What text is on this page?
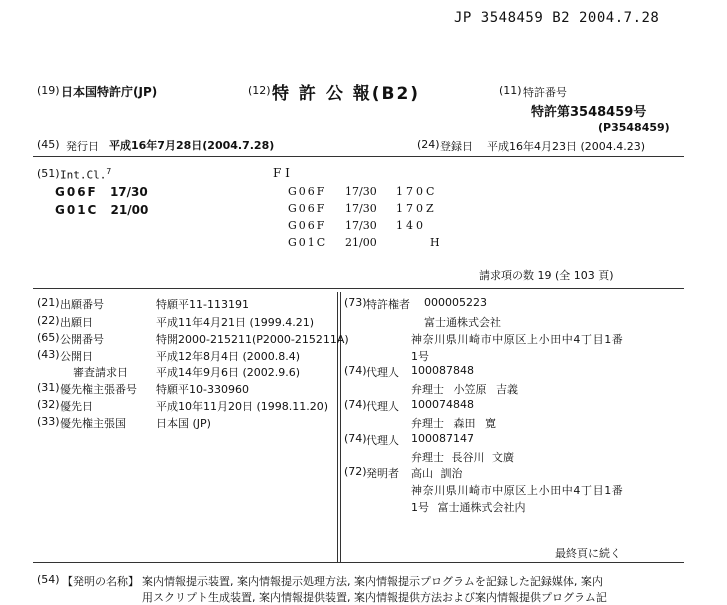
JP 3548459 B2 2004.7.28
(19) 日本国特許庁(JP)	(12) 特 許 公 報(B2)	(11) 特許番号
特許第3548459号
(P3548459)
(45) 発行日 平成16年7月28日(2004.7.28)	(24) 登録日 平成16年4月23日 (2004.4.23)
(51) Int.Cl.$^7$
G06F 17/30
G01C 21/00
F I
G06F 17/30 170C
G06F 17/30 170Z
G06F 17/30 140
G01C 21/00	H
請求項の数 19 (全 103 頁)
(21) 出願番号	特願平11-113191
(22) 出願日	平成11年4月21日 (1999.4.21)
(65) 公開番号	特開2000-215211(P2000-215211A)
(43) 公開日	平成12年8月4日 (2000.8.4)
審査請求日	平成14年9月6日 (2002.9.6)
(31) 優先権主張番号 特願平10-330960
(32) 優先日	平成10年11月20日 (1998.11.20)
(33) 優先権主張国	日本国 (JP)
(73) 特許権者 000005223
富士通株式会社
神奈川県川崎市中原区上小田中4丁目1番
1号
(74) 代理人 100087848
弁理士 小笠原 吉義
(74) 代理人 100074848
弁理士 森田 寛
(74) 代理人 100087147
弁理士 長谷川 文廣
(72) 発明者 高山 訓治
神奈川県川崎市中原区上小田中4丁目1番
1号 富士通株式会社内
最終頁に続く
(54) 【発明の名称】 案内情報提示装置, 案内情報提示処理方法, 案内情報提示プログラムを記録した記録媒体, 案内
用スクリプト生成装置, 案内情報提供装置, 案内情報提供方法および案内情報提供プログラム記
